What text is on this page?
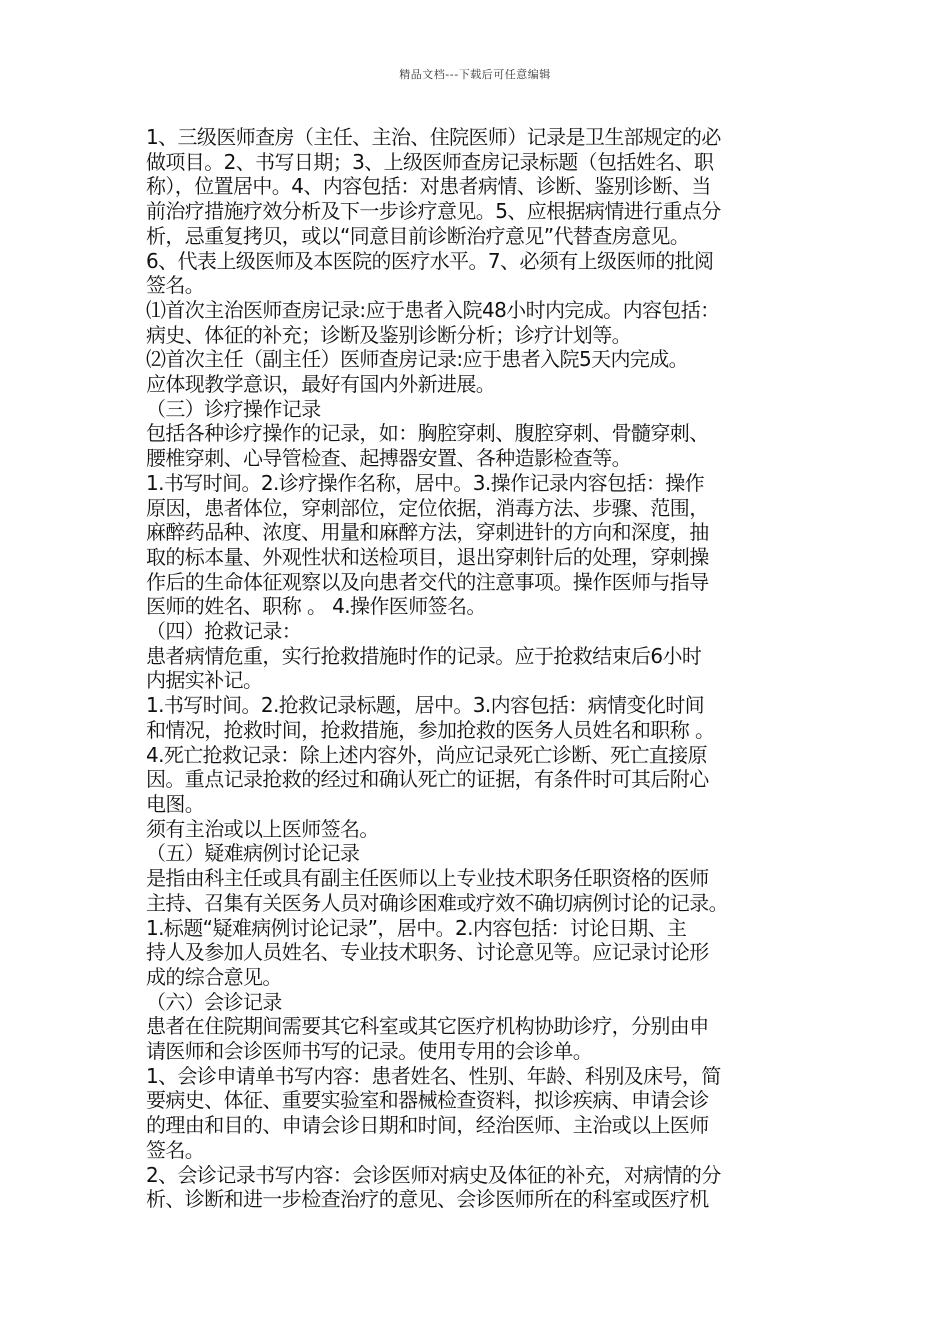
精品文档---下载后可任意编辑
1、三级医师查房（主任、主治、住院医师）记录是卫生部规定的必
做项目。2、书写日期；3、上级医师查房记录标题（包括姓名、职
称），位置居中。4、内容包括：对患者病情、诊断、鉴别诊断、当
前治疗措施疗效分析及下一步诊疗意见。5、应根据病情进行重点分
析，忌重复拷贝，或以“同意目前诊断治疗意见”代替查房意见。
6、代表上级医师及本医院的医疗水平。7、必须有上级医师的批阅
签名。
⑴首次主治医师查房记录:应于患者入院48小时内完成。内容包括：
病史、体征的补充；诊断及鉴别诊断分析；诊疗计划等。
⑵首次主任（副主任）医师查房记录:应于患者入院5天内完成。
应体现教学意识，最好有国内外新进展。
（三）诊疗操作记录
包括各种诊疗操作的记录，如：胸腔穿刺、腹腔穿刺、骨髓穿刺、
腰椎穿刺、心导管检查、起搏器安置、各种造影检查等。
1.书写时间。2.诊疗操作名称，居中。3.操作记录内容包括：操作
原因，患者体位，穿刺部位，定位依据，消毒方法、步骤、范围，
麻醉药品种、浓度、用量和麻醉方法，穿刺进针的方向和深度，抽
取的标本量、外观性状和送检项目，退出穿刺针后的处理，穿刺操
作后的生命体征观察以及向患者交代的注意事项。操作医师与指导
医师的姓名、职称 。 4.操作医师签名。
（四）抢救记录：
患者病情危重，实行抢救措施时作的记录。应于抢救结束后6小时
内据实补记。
1.书写时间。2.抢救记录标题，居中。3.内容包括：病情变化时间
和情况，抢救时间，抢救措施，参加抢救的医务人员姓名和职称 。
4.死亡抢救记录：除上述内容外，尚应记录死亡诊断、死亡直接原
因。重点记录抢救的经过和确认死亡的证据，有条件时可其后附心
电图。
须有主治或以上医师签名。
（五）疑难病例讨论记录
是指由科主任或具有副主任医师以上专业技术职务任职资格的医师
主持、召集有关医务人员对确诊困难或疗效不确切病例讨论的记录。
1.标题“疑难病例讨论记录”，居中。2.内容包括：讨论日期、主
持人及参加人员姓名、专业技术职务、讨论意见等。应记录讨论形
成的综合意见。
（六）会诊记录
患者在住院期间需要其它科室或其它医疗机构协助诊疗，分别由申
请医师和会诊医师书写的记录。使用专用的会诊单。
1、会诊申请单书写内容：患者姓名、性别、年龄、科别及床号，简
要病史、体征、重要实验室和器械检查资料，拟诊疾病、申请会诊
的理由和目的、申请会诊日期和时间，经治医师、主治或以上医师
签名。
2、会诊记录书写内容：会诊医师对病史及体征的补充，对病情的分
析、诊断和进一步检查治疗的意见、会诊医师所在的科室或医疗机
